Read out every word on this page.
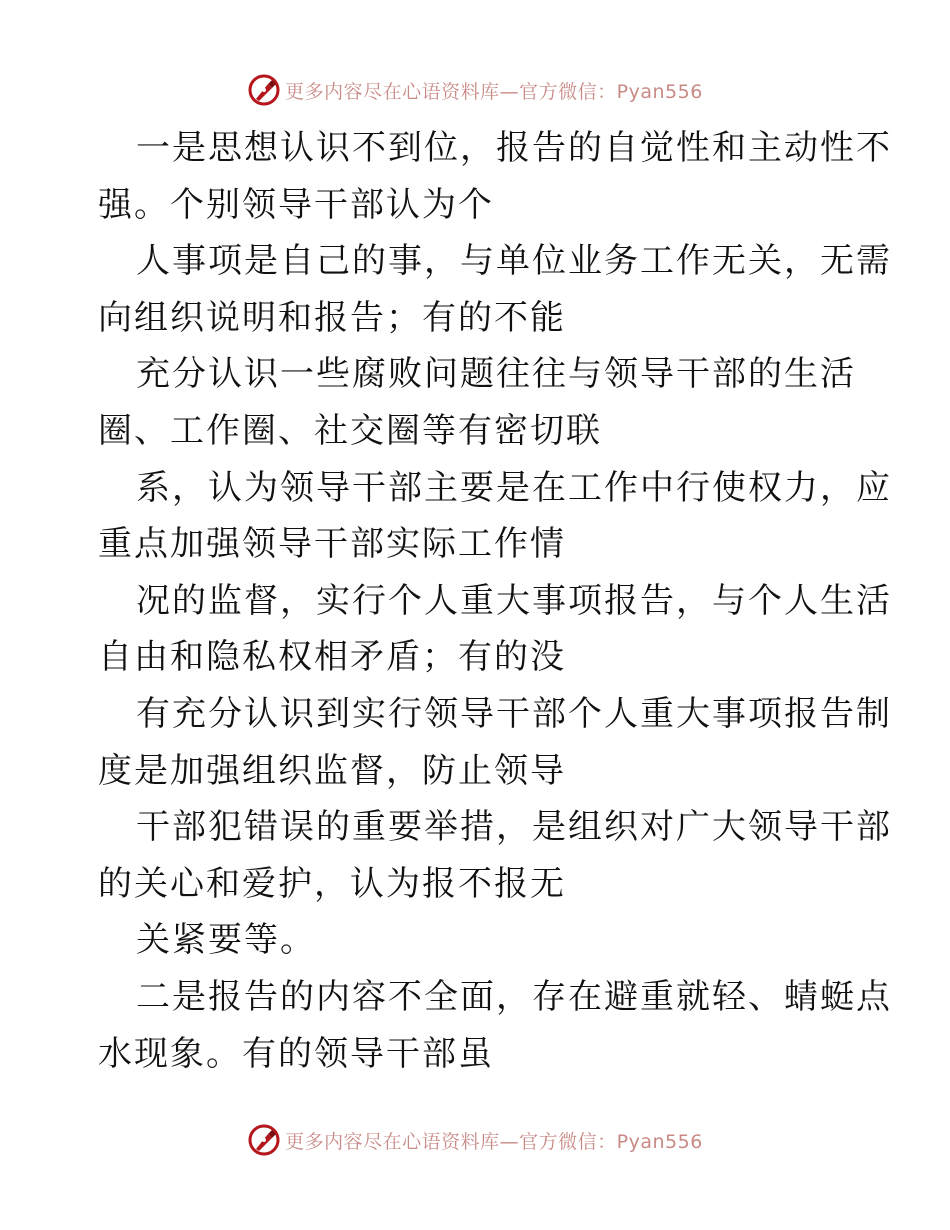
更多内容尽在心语资料库—官方微信：Pyan556
一是思想认识不到位，报告的自觉性和主动性不
强。个别领导干部认为个
人事项是自己的事，与单位业务工作无关，无需
向组织说明和报告；有的不能
充分认识一些腐败问题往往与领导干部的生活
圈、工作圈、社交圈等有密切联
系，认为领导干部主要是在工作中行使权力，应
重点加强领导干部实际工作情
况的监督，实行个人重大事项报告，与个人生活
自由和隐私权相矛盾；有的没
有充分认识到实行领导干部个人重大事项报告制
度是加强组织监督，防止领导
干部犯错误的重要举措，是组织对广大领导干部
的关心和爱护，认为报不报无
关紧要等。
二是报告的内容不全面，存在避重就轻、蜻蜓点
水现象。有的领导干部虽
更多内容尽在心语资料库—官方微信：Pyan556
